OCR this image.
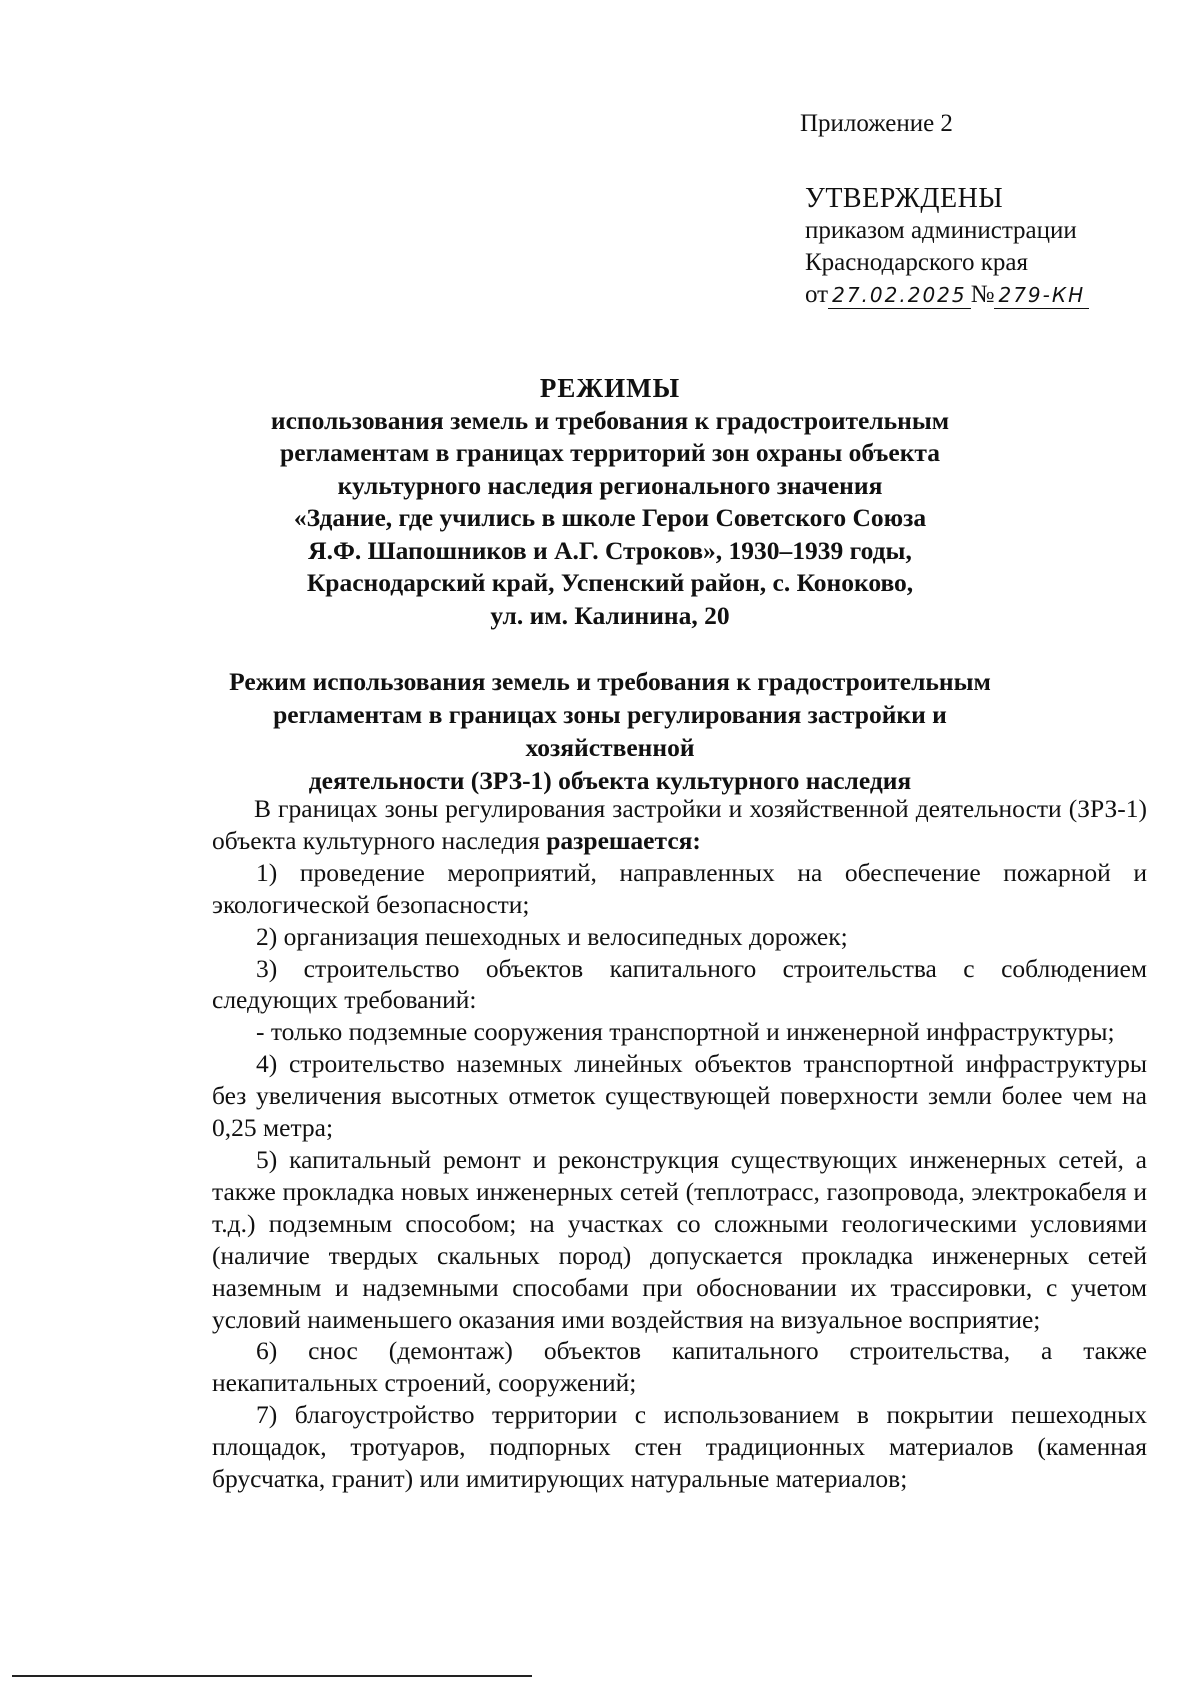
Приложение 2
УТВЕРЖДЕНЫ
приказом администрации
Краснодарского края
от 27.02.2025 № 279-КН
РЕЖИМЫ
использования земель и требования к градостроительным
регламентам в границах территорий зон охраны объекта
культурного наследия регионального значения
«Здание, где учились в школе Герои Советского Союза
Я.Ф. Шапошников и А.Г. Строков», 1930–1939 годы,
Краснодарский край, Успенский район, с. Коноково,
ул. им. Калинина, 20
Режим использования земель и требования к градостроительным
регламентам в границах зоны регулирования застройки и хозяйственной
деятельности (ЗРЗ-1) объекта культурного наследия

В границах зоны регулирования застройки и хозяйственной деятельности (ЗРЗ-1) объекта культурного наследия разрешается:

1) проведение мероприятий, направленных на обеспечение пожарной и экологической безопасности;

2) организация пешеходных и велосипедных дорожек;

3) строительство объектов капитального строительства с соблюдением следующих требований:

- только подземные сооружения транспортной и инженерной инфраструктуры;

4) строительство наземных линейных объектов транспортной инфраструктуры без увеличения высотных отметок существующей поверхности земли более чем на 0,25 метра;

5) капитальный ремонт и реконструкция существующих инженерных сетей, а также прокладка новых инженерных сетей (теплотрасс, газопровода, электрокабеля и т.д.) подземным способом; на участках со сложными геологическими условиями (наличие твердых скальных пород) допускается прокладка инженерных сетей наземным и надземными способами при обосновании их трассировки, с учетом условий наименьшего оказания ими воздействия на визуальное восприятие;

6) снос (демонтаж) объектов капитального строительства, а также некапитальных строений, сооружений;

7) благоустройство территории с использованием в покрытии пешеходных площадок, тротуаров, подпорных стен традиционных материалов (каменная брусчатка, гранит) или имитирующих натуральные материалов;
